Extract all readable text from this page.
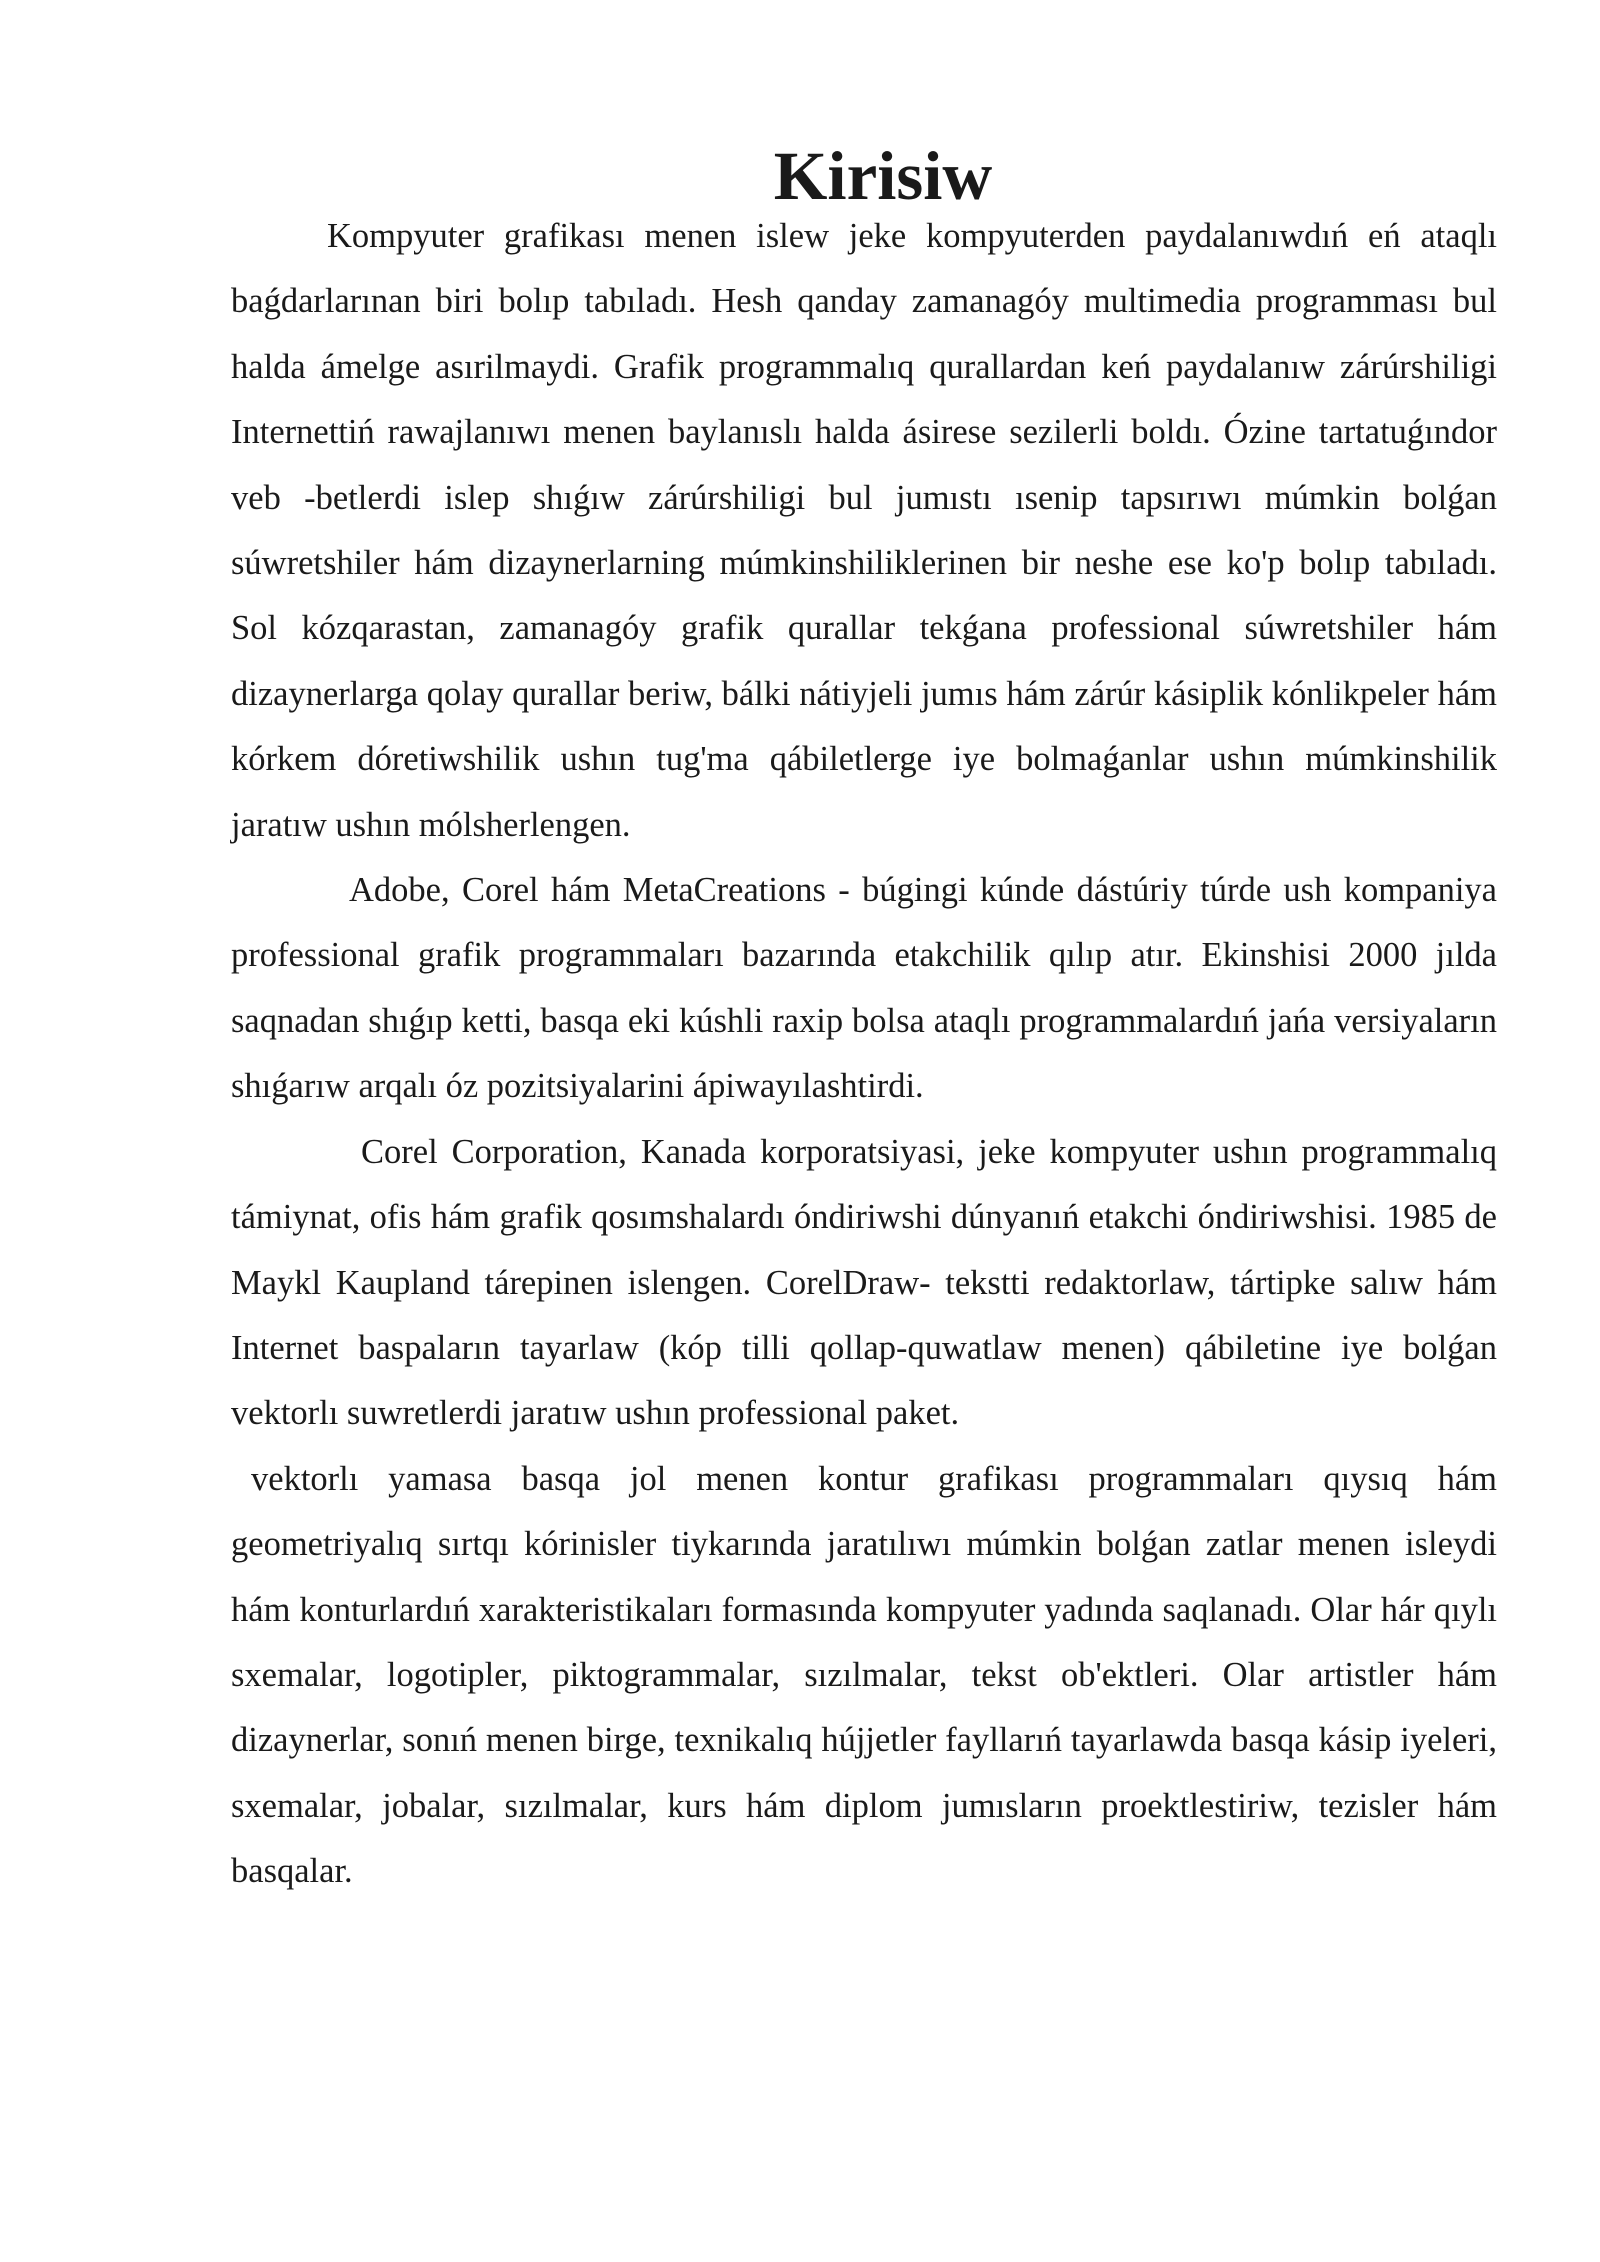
Kirisiw

Kompyuter grafikası menen islew jeke kompyuterden paydalanıwdıń eń ataqlı baǵdarlarınan biri bolıp tabıladı. Hesh qanday zamanagóy multimedia programması bul halda ámelge asırilmaydi. Grafik programmalıq qurallardan keń paydalanıw zárúrshiligi Internettiń rawajlanıwı menen baylanıslı halda ásirese sezilerli boldı. Ózine tartatuǵındor veb -betlerdi islep shıǵıw zárúrshiligi bul jumıstı ısenip tapsırıwı múmkin bolǵan súwretshiler hám dizaynerlarning múmkinshiliklerinen bir neshe ese ko'p bolıp tabıladı. Sol kózqarastan, zamanagóy grafik qurallar tekǵana professional súwretshiler hám dizaynerlarga qolay qurallar beriw, bálki nátiyjeli jumıs hám zárúr kásiplik kónlikpeler hám kórkem dóretiwshilik ushın tug'ma qábiletlerge iye bolmaǵanlar ushın múmkinshilik jaratıw ushın mólsherlengen.

Adobe, Corel hám MetaCreations - búgingi kúnde dástúriy túrde ush kompaniya professional grafik programmaları bazarında etakchilik qılıp atır. Ekinshisi 2000 jılda saqnadan shıǵıp ketti, basqa eki kúshli raxip bolsa ataqlı programmalardıń jańa versiyaların shıǵarıw arqalı óz pozitsiyalarini ápiwayılashtirdi.

Corel Corporation, Kanada korporatsiyasi, jeke kompyuter ushın programmalıq támiynat, ofis hám grafik qosımshalardı óndiriwshi dúnyanıń etakchi óndiriwshisi. 1985 de Maykl Kaupland tárepinen islengen. CorelDraw- tekstti redaktorlaw, tártipke salıw hám Internet baspaların tayarlaw (kóp tilli qollap-quwatlaw menen) qábiletine iye bolǵan vektorlı suwretlerdi jaratıw ushın professional paket.

vektorlı yamasa basqa jol menen kontur grafikası programmaları qıysıq hám geometriyalıq sırtqı kórinisler tiykarında jaratılıwı múmkin bolǵan zatlar menen isleydi hám konturlardıń xarakteristikaları formasında kompyuter yadında saqlanadı. Olar hár qıylı sxemalar, logotipler, piktogrammalar, sızılmalar, tekst ob'ektleri. Olar artistler hám dizaynerlar, sonıń menen birge, texnikalıq hújjetler fayllarıń tayarlawda basqa kásip iyeleri, sxemalar, jobalar, sızılmalar, kurs hám diplom jumısların proektlestiriw, tezisler hám basqalar.
